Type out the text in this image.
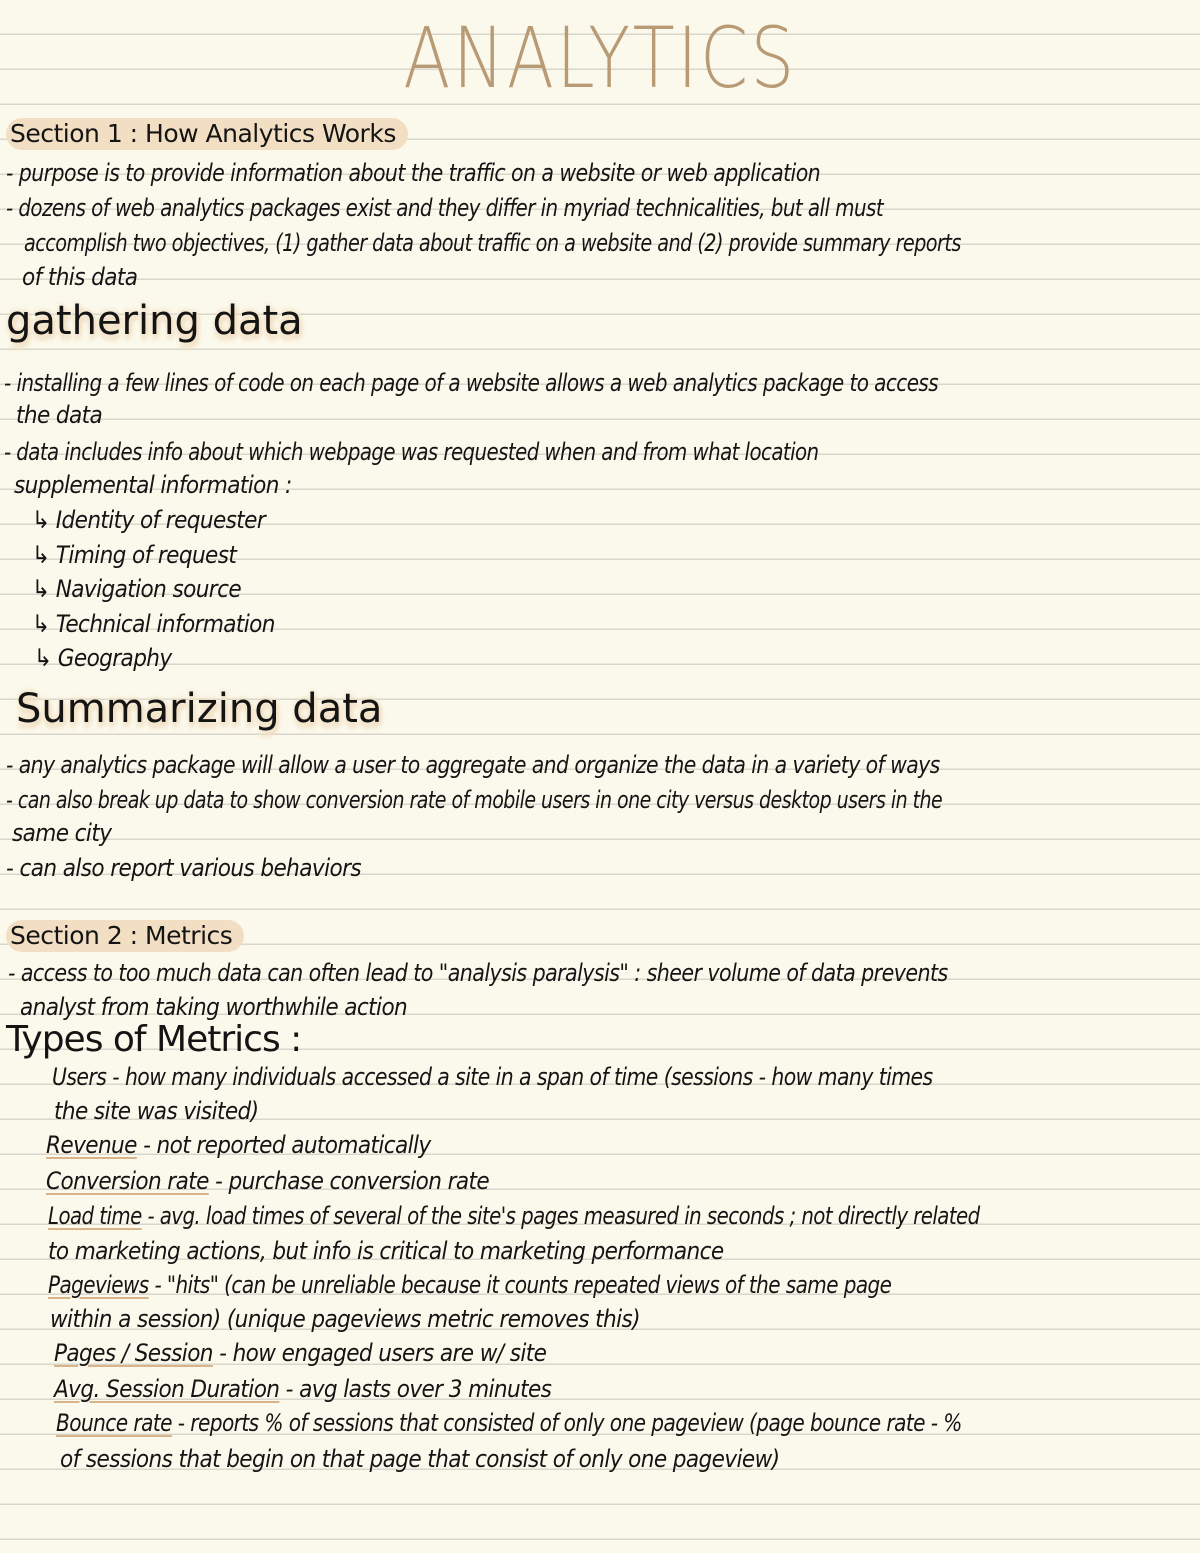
ANALYTICS
Section 1 : How Analytics Works
- purpose is to provide information about the traffic on a website or web application
- dozens of web analytics packages exist and they differ in myriad technicalities, but all must
accomplish two objectives, (1) gather data about traffic on a website and (2) provide summary reports
of this data
gathering data
- installing a few lines of code on each page of a website allows a web analytics package to access
the data
- data includes info about which webpage was requested when and from what location
supplemental information :
↳ Identity of requester
↳ Timing of request
↳ Navigation source
↳ Technical information
↳ Geography
Summarizing data
- any analytics package will allow a user to aggregate and organize the data in a variety of ways
- can also break up data to show conversion rate of mobile users in one city versus desktop users in the
same city
- can also report various behaviors
Section 2 : Metrics
- access to too much data can often lead to "analysis paralysis" : sheer volume of data prevents
analyst from taking worthwhile action
Types of Metrics :
Users - how many individuals accessed a site in a span of time (sessions - how many times
the site was visited)
Revenue - not reported automatically
Conversion rate - purchase conversion rate
Load time - avg. load times of several of the site's pages measured in seconds ; not directly related
to marketing actions, but info is critical to marketing performance
Pageviews - "hits" (can be unreliable because it counts repeated views of the same page
within a session) (unique pageviews metric removes this)
Pages / Session - how engaged users are w/ site
Avg. Session Duration - avg lasts over 3 minutes
Bounce rate - reports % of sessions that consisted of only one pageview (page bounce rate - %
of sessions that begin on that page that consist of only one pageview)
